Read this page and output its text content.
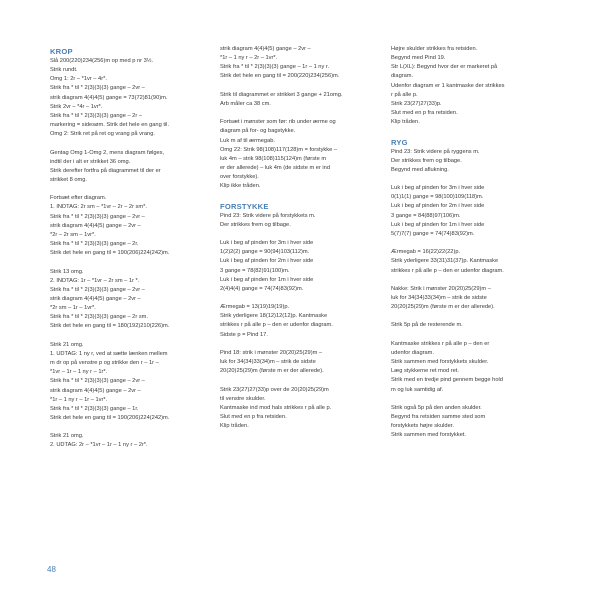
KROP
Slå 200(220)234(256)m op med p nr 3½.
Strik rundt.
Omg 1: 2r – *1vr – 4r*.
Strik fra * til * 2(3)(3)(3) gange – 2vr –
strik diagram 4(4)4(5) gange = 73(72)81(90)m.
Strik 2vr – *4r – 1vr*.
Strik fra * til * 2(3)(3)(3) gange – 2r –
markering = sidesøm. Strik det hele en gang til.
Omg 2: Strik ret på ret og vrang på vrang.
Gentag Omg 1-Omg 2, mens diagram følges,
indtil der i alt er strikket 36 omg.
Strik derefter fortfra på diagrammet til der er
strikket 8 omg.
Fortsæt efter diagram.
1. INDTAG: 2r sm – *1vr – 2r – 2r sm*.
Strik fra * til * 2(3)(3)(3) gange – 2vr –
strik diagram 4(4)4(5) gange – 2vr –
*2r – 2r sm – 1vr*.
Strik fra * til * 2(3)(3)(3) gange – 2r.
Strik det hele en gang til = 190(206)224(242)m.
Strik 13 omg.
2. INDTAG: 1r – *1vr – 2r sm – 1r *.
Strik fra * til * 2(3)(3)(3) gange – 2vr –
strik diagram 4(4)4(5) gange – 2vr –
*2r sm – 1r – 1vr*.
Strik fra * til * 2(3)(3)(3) gange – 2r sm.
Strik det hele en gang til = 180(192)210(226)m.
Strik 21 omg.
1. UDTAG: 1 ny r, ved at sætte lænken mellem
m dr op på venstre p og strikke den r – 1r –
*1vr – 1r – 1 ny r – 1r*.
Strik fra * til * 2(3)(3)(3) gange – 2vr –
strik diagram 4(4)4(5) gange – 2vr –
*1r – 1 ny r – 1r – 1vr*.
Strik fra * til * 2(3)(3)(3) gange – 1r.
Strik det hele en gang til = 190(206)224(242)m.
Strik 21 omg.
2. UDTAG: 2r – *1vr – 1r – 1 ny r – 2r*.
strik diagram 4(4)4(5) gange – 2vr –
*1r – 1 ny r – 2r – 1vr*.
Strik fra * til * 2(3)(3)(3) gange – 1r – 1 ny r.
Strik det hele en gang til = 200(220)234(256)m.
Strik til diagrammet er strikket 3 gange + 21omg.
Arb måler ca 38 cm.
Fortsæt i mønster som før: rib under ærme og
diagram på for- og bagstykke.
Luk m af til ærmegab.
Omg 22: Strik 98(108)117(128)m = forstykke –
luk 4m – strik 98(108)115(124)m (første m
er der allerede) – luk 4m (de sidste m er ind
over forstykke).
Klip ikke tråden.
FORSTYKKE
Pind 23: Strik videre på forstykkets m.
Der strikkes frem og tilbage.
Luk i beg af pinden for 3m i hver side
1(2)2(2) gange = 90(94)103(112)m.
Luk i beg af pinden for 2m i hver side
3 gange = 78(82)91(100)m.
Luk i beg af pinden for 1m i hver side
2(4)4(4) gange = 74(74)83(92)m.
Ærmegab = 13(19)19(19)p.
Strik yderligere 18(12)12(12)p. Kantmaske
strikkes r på alle p – den er udenfor diagram.
Sidste p = Pind 17.
Pind 18: strik i mønster 20(20)25(29)m –
luk for 34(34)33(34)m – strik de sidste
20(20)25(29)m (første m er der allerede).
Strik 23(27)27(33)p over de 20(20)25(29)m
til venstre skulder.
Kantmaske ind mod hals strikkes r på alle p.
Slut med en p fra retsiden.
Klip tråden.
Højre skulder strikkes fra retsiden.
Begynd med Pind 19.
Str L(XL): Begynd hvor der er markeret på
diagram.
Udenfor diagram er 1 kantmaske der strikkes
r på alle p.
Strik 23(27)27(33)p.
Slut med en p fra retsiden.
Klip tråden.
RYG
Pind 23: Strik videre på ryggens m.
Der strikkes frem og tilbage.
Begynd med aflukning.
Luk i beg af pinden for 3m i hver side
0(1)1(1) gange = 98(100)109(118)m.
Luk i beg af pinden for 2m i hver side
3 gange = 84(88)97(106)m.
Luk i beg af pinden for 1m i hver side
5(7)7(7) gange = 74(74)83(92)m.
Ærmegab = 16(22)22(22)p.
Strik yderligere 33(31)31(37)p. Kantmaske
strikkes r på alle p – den er udenfor diagram.
Nakke: Strik i mønster 20(20)25(29)m –
luk for 34(34)33(34)m – strik de sidste
20(20)25(29)m (første m er der allerede).
Strik 5p på de resterende m.
Kantmaske strikkes r på alle p – den er
udenfor diagram.
Strik sammen med forstykkets skulder.
Læg stykkerne ret mod ret.
Strik med en tredje pind gennem begge hold
m og luk samtidig af.
Strik også 5p på den anden skulder.
Begynd fra retsiden samme sted som
forstykkets højre skulder.
Strik sammen med forstykket.
48
